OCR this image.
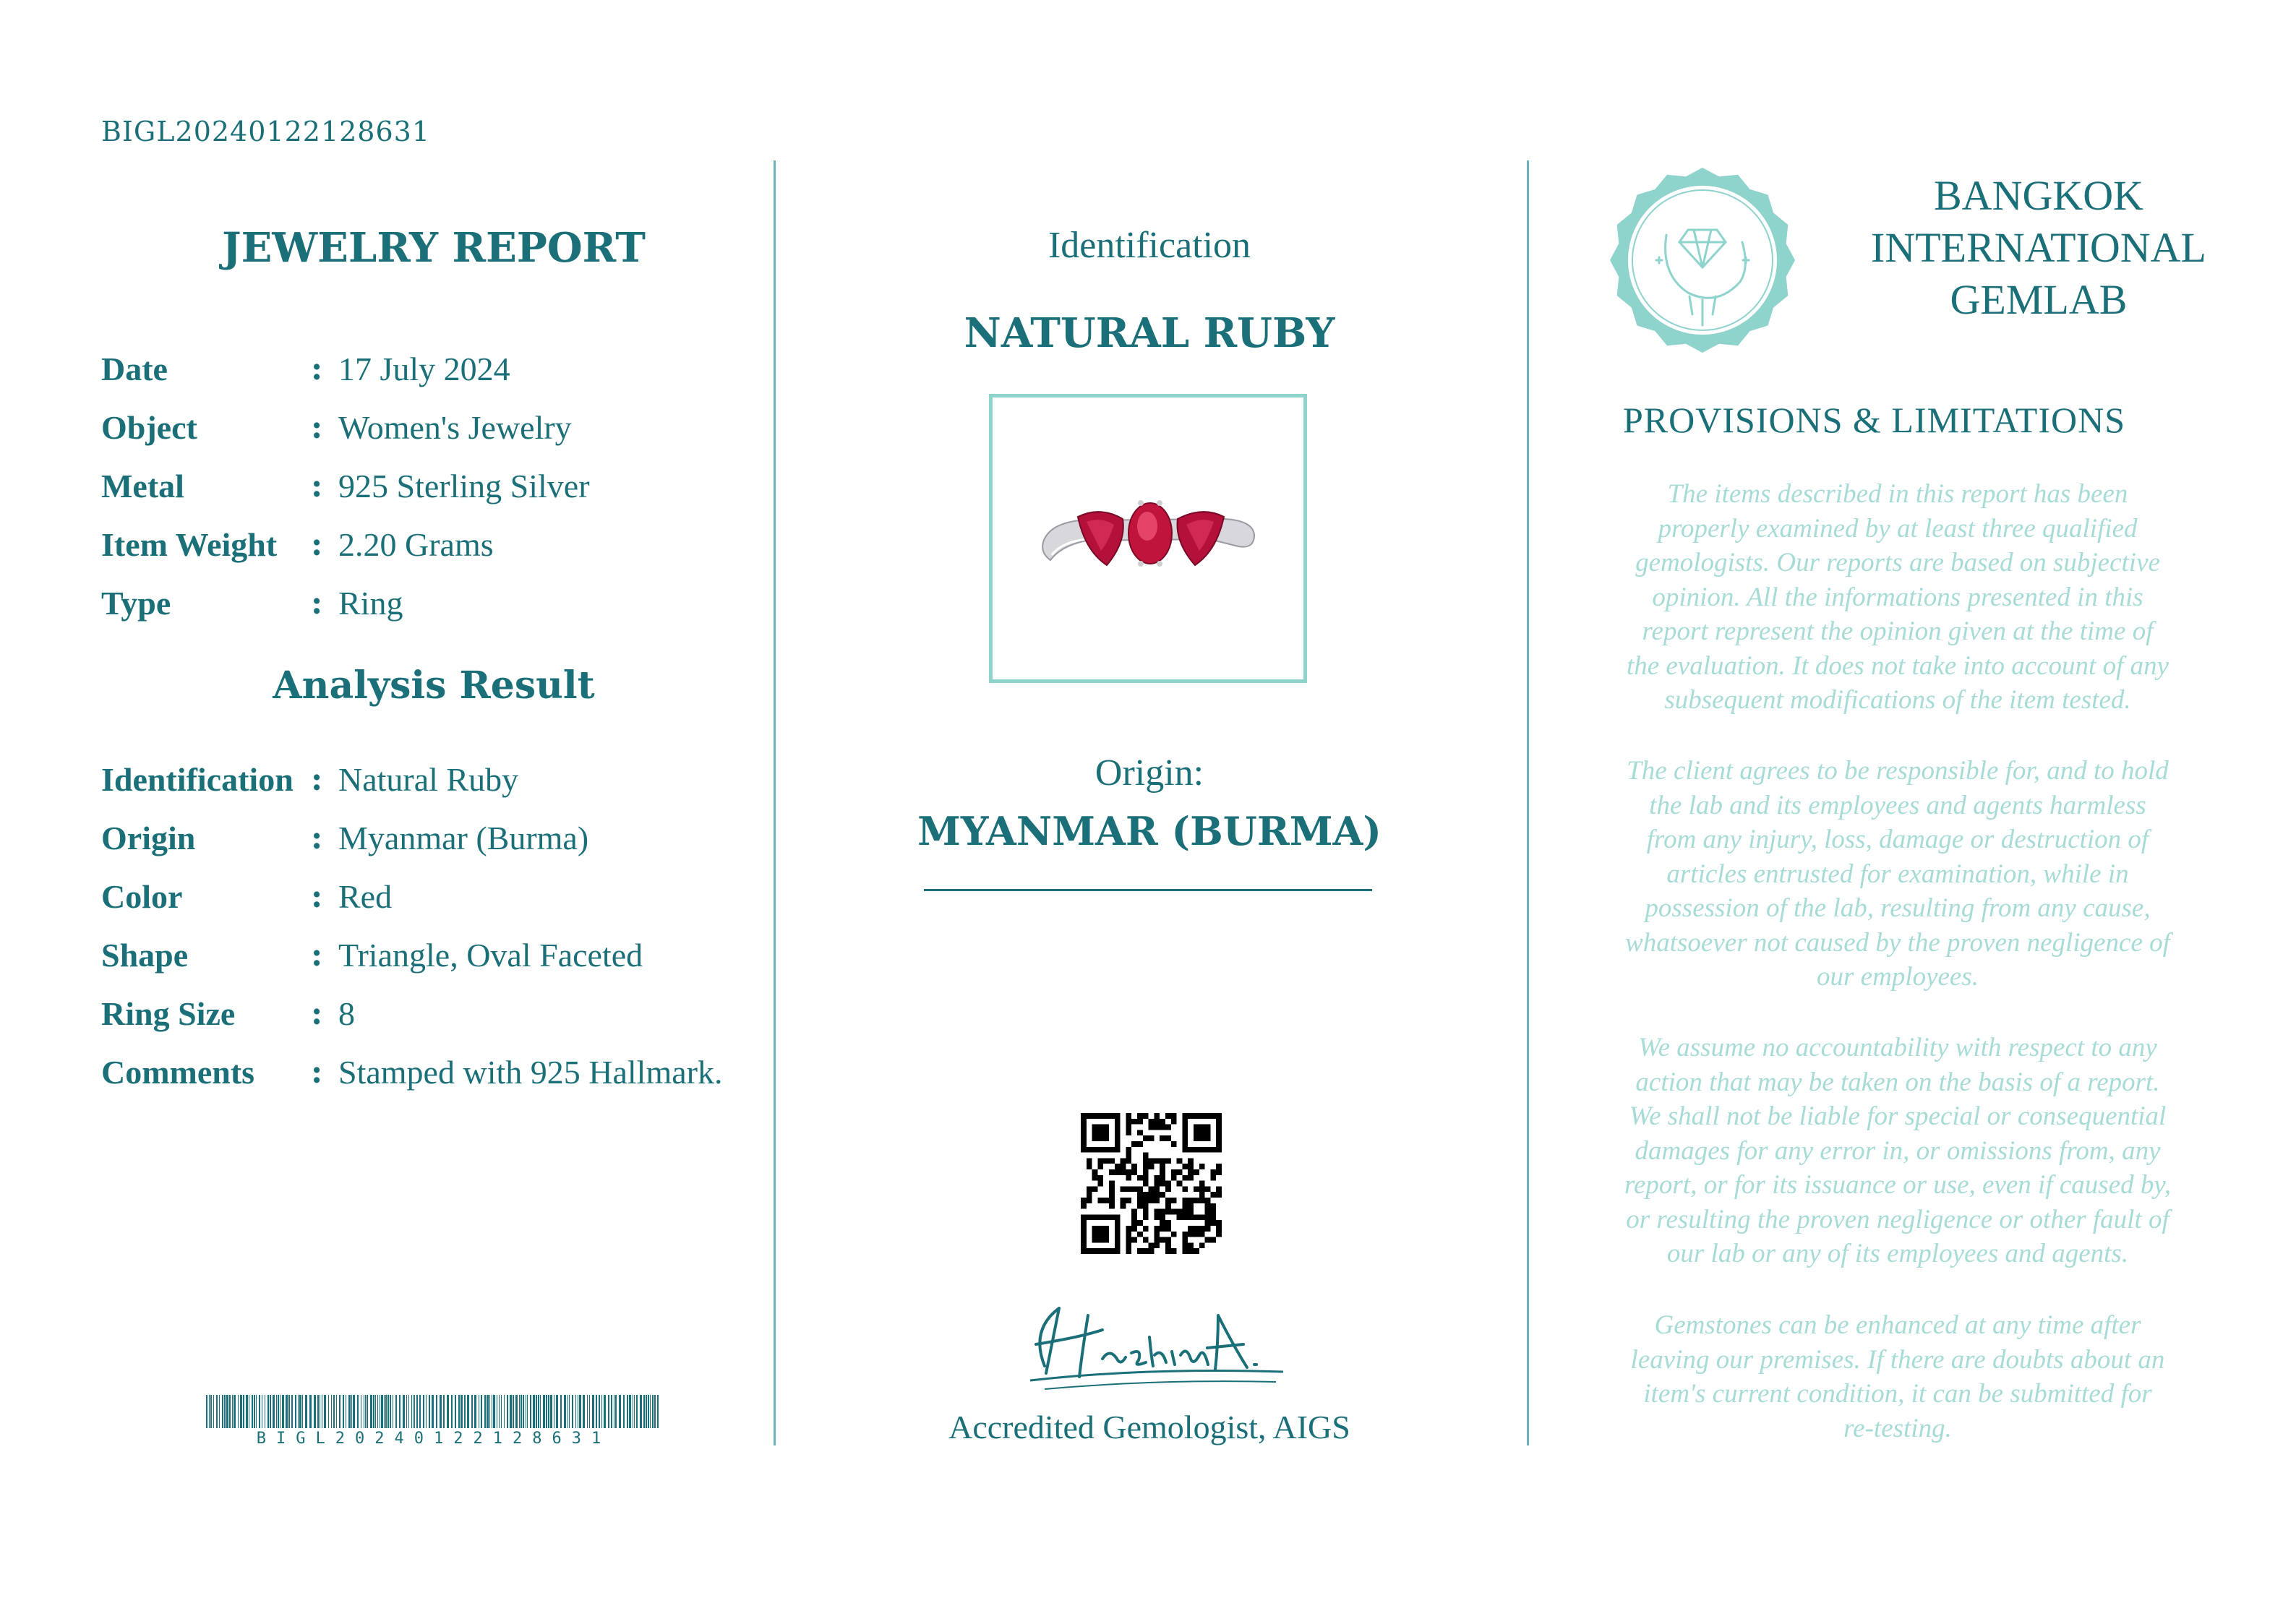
BIGL20240122128631
JEWELRY REPORT
Date	: 17 July 2024
Object	: Women's Jewelry
Metal	: 925 Sterling Silver
Item Weight	: 2.20 Grams
Type	: Ring
Analysis Result
Identification : Natural Ruby
Origin	: Myanmar (Burma)
Color	: Red
Shape	: Triangle, Oval Faceted
Ring Size	: 8
Comments	: Stamped with 925 Hallmark.
BIGL20240122128631
Identification
NATURAL RUBY
Origin:
MYANMAR (BURMA)
Accredited Gemologist, AIGS
BANGKOK
INTERNATIONAL
GEMLAB
PROVISIONS & LIMITATIONS
The items described in this report has been
properly examined by at least three qualified
gemologists. Our reports are based on subjective
opinion. All the informations presented in this
report represent the opinion given at the time of
the evaluation. It does not take into account of any
subsequent modifications of the item tested.
The client agrees to be responsible for, and to hold
the lab and its employees and agents harmless
from any injury, loss, damage or destruction of
articles entrusted for examination, while in
possession of the lab, resulting from any cause,
whatsoever not caused by the proven negligence of
our employees.
We assume no accountability with respect to any
action that may be taken on the basis of a report.
We shall not be liable for special or consequential
damages for any error in, or omissions from, any
report, or for its issuance or use, even if caused by,
or resulting the proven negligence or other fault of
our lab or any of its employees and agents.
Gemstones can be enhanced at any time after
leaving our premises. If there are doubts about an
item's current condition, it can be submitted for
re-testing.
